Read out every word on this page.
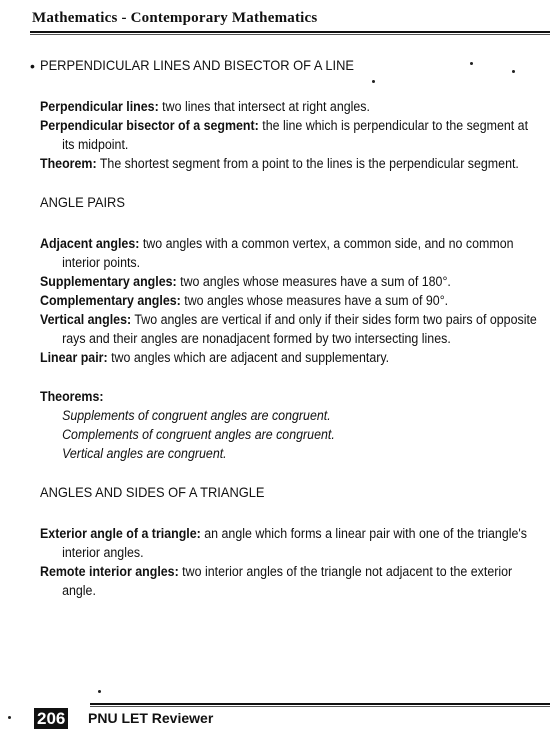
Mathematics - Contemporary Mathematics
• PERPENDICULAR LINES AND BISECTOR OF A LINE

Perpendicular lines: two lines that intersect at right angles.

Perpendicular bisector of a segment: the line which is perpendicular to the segment at its midpoint.

Theorem: The shortest segment from a point to the lines is the perpendicular segment.

ANGLE PAIRS

Adjacent angles: two angles with a common vertex, a common side, and no common interior points.

Supplementary angles: two angles whose measures have a sum of 180°.

Complementary angles: two angles whose measures have a sum of 90°.

Vertical angles: Two angles are vertical if and only if their sides form two pairs of opposite rays and their angles are nonadjacent formed by two intersecting lines.

Linear pair: two angles which are adjacent and supplementary.

Theorems:

Supplements of congruent angles are congruent.
Complements of congruent angles are congruent.
Vertical angles are congruent.

ANGLES AND SIDES OF A TRIANGLE

Exterior angle of a triangle: an angle which forms a linear pair with one of the triangle's interior angles.

Remote interior angles: two interior angles of the triangle not adjacent to the exterior angle.

206 PNU LET Reviewer
